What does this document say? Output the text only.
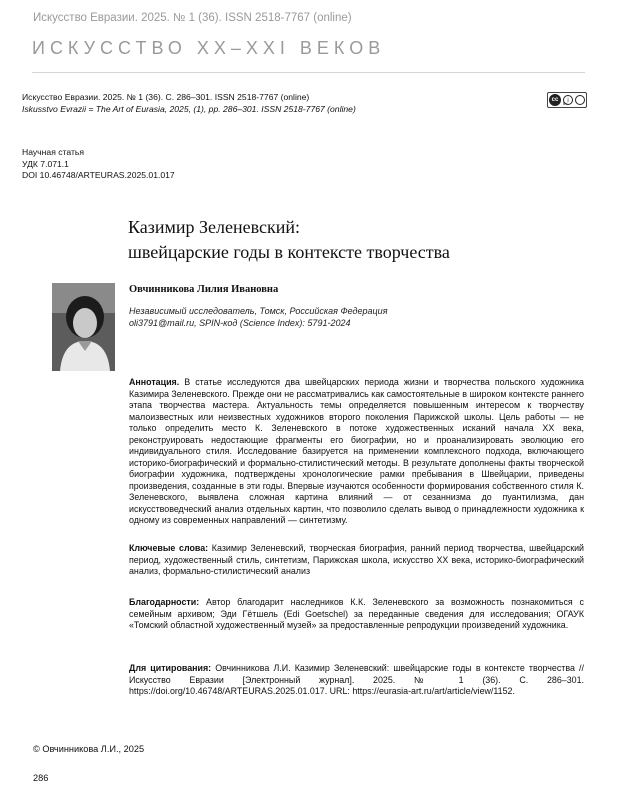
Искусство Евразии. 2025. № 1 (36). ISSN 2518-7767 (online)
ИСКУССТВО XX–XXI ВЕКОВ
Искусство Евразии. 2025. № 1 (36). С. 286–301. ISSN 2518-7767 (online)
Iskusstvo Evrazii = The Art of Eurasia, 2025, (1), pp. 286–301. ISSN 2518-7767 (online)
cc	i
BY
Научная статья
УДК 7.071.1
DOI 10.46748/ARTEURAS.2025.01.017
Казимир Зеленевский:
швейцарские годы в контексте творчества
Овчинникова Лилия Ивановна
Независимый исследователь, Томск, Российская Федерация
oli3791@mail.ru, SPIN-код (Science Index): 5791-2024
Аннотация. В статье исследуются два швейцарских периода жизни и творчества польского художника Казимира Зеленевского. Прежде они не рассматривались как самостоятельные в широком контексте раннего этапа творчества мастера. Актуальность темы определяется повышенным интересом к творчеству малоизвестных или неизвестных художников второго поколения Парижской школы. Цель работы — не только определить место К. Зеленевского в потоке художественных исканий начала XX века, реконструировать недостающие фрагменты его биографии, но и проанализировать эволюцию его индивидуального стиля. Исследование базируется на применении комплексного подхода, включающего историко-биографический и формально-стилистический методы. В результате дополнены факты творческой биографии художника, подтверждены хронологические рамки пребывания в Швейцарии, приведены произведения, созданные в эти годы. Впервые изучаются особенности формирования собственного стиля К. Зеленевского, выявлена сложная картина влияний — от сезаннизма до пуантилизма, дан искусствоведческий анализ отдельных картин, что позволило сделать вывод о принадлежности художника к одному из современных направлений — синтетизму.
Ключевые слова: Казимир Зеленевский, творческая биография, ранний период творчества, швейцарский период, художественный стиль, синтетизм, Парижская школа, искусство XX века, историко-биографический анализ, формально-стилистический анализ
Благодарности: Автор благодарит наследников К.К. Зеленевского за возможность познакомиться с семейным архивом; Эди Гётшель (Edi Goetschel) за переданные сведения для исследования; ОГАУК «Томский областной художественный музей» за предоставленные репродукции произведений художника.
Для цитирования: Овчинникова Л.И. Казимир Зеленевский: швейцарские годы в контексте творчества // Искусство Евразии [Электронный журнал]. 2025. № 1 (36). С. 286–301. https://doi.org/10.46748/ARTEURAS.2025.01.017. URL: https://eurasia-art.ru/art/article/view/1152.
© Овчинникова Л.И., 2025
286
